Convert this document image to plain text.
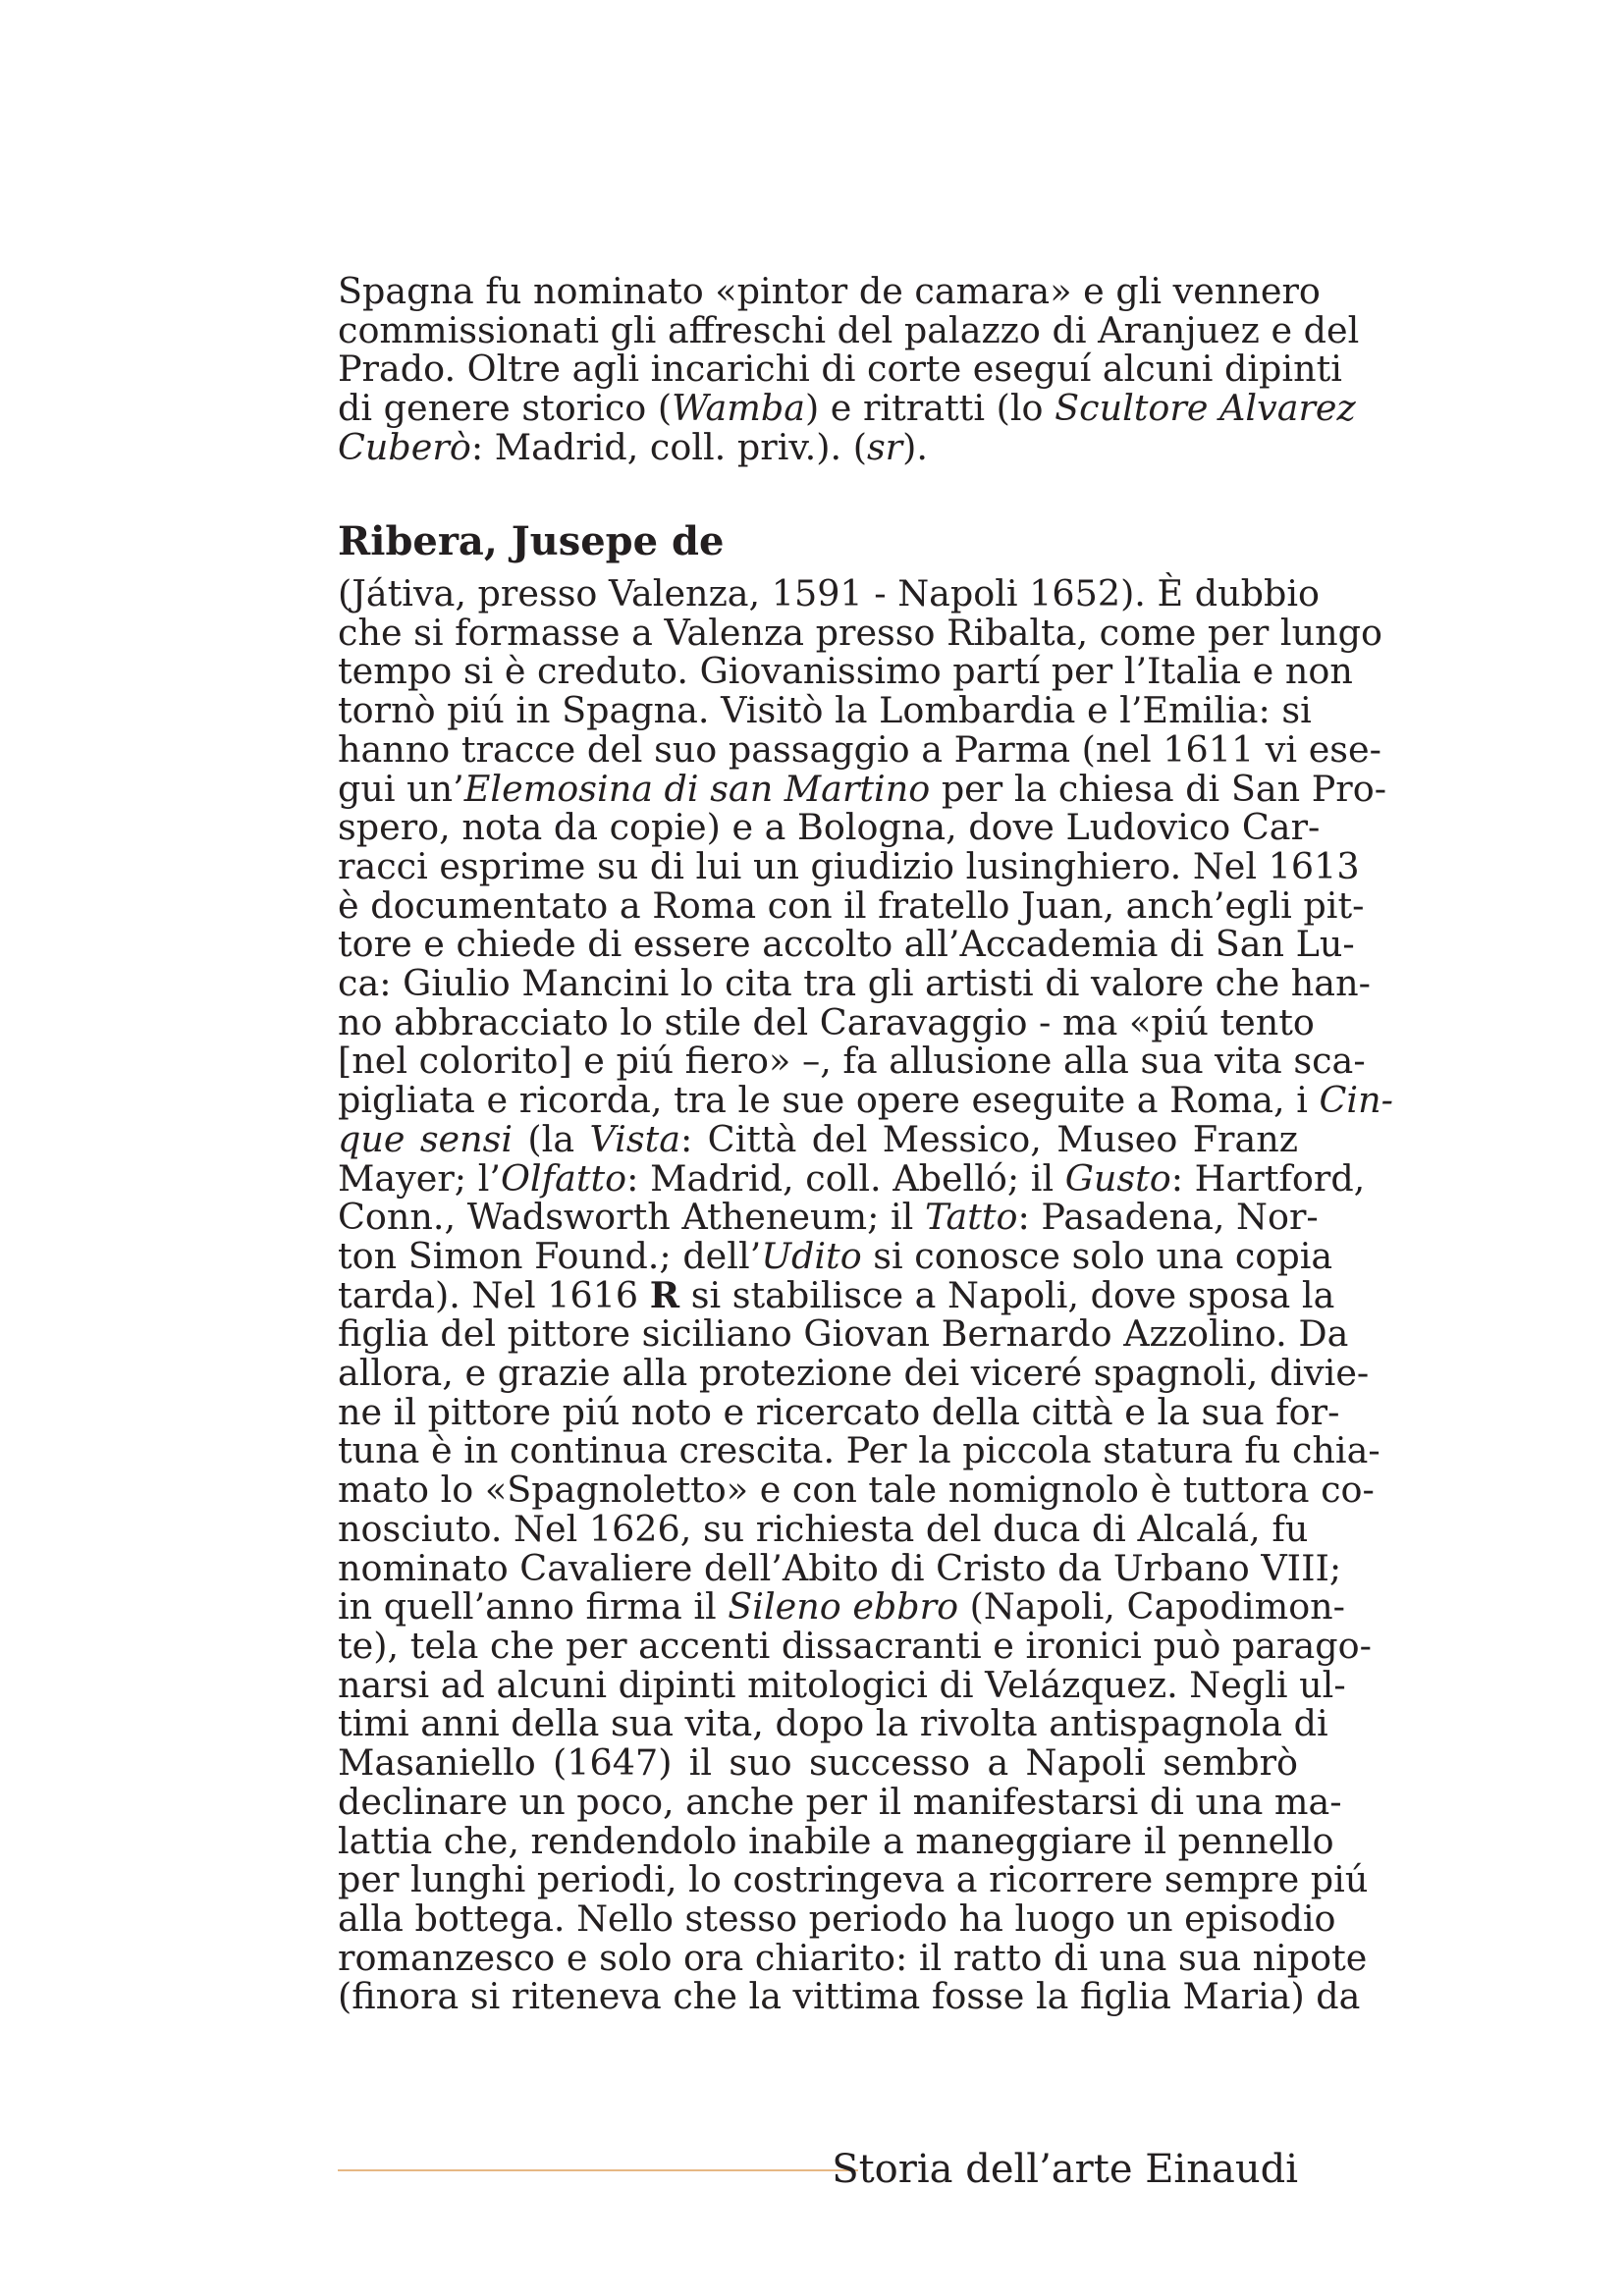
Spagna fu nominato «pintor de camara» e gli vennero
commissionati gli affreschi del palazzo di Aranjuez e del
Prado. Oltre agli incarichi di corte eseguí alcuni dipinti
di genere storico (Wamba) e ritratti (lo Scultore Alvarez
Cuberò: Madrid, coll. priv.). (sr).
Ribera, Jusepe de
(Játiva, presso Valenza, 1591 - Napoli 1652). È dubbio
che si formasse a Valenza presso Ribalta, come per lungo
tempo si è creduto. Giovanissimo partí per l’Italia e non
tornò piú in Spagna. Visitò la Lombardia e l’Emilia: si
hanno tracce del suo passaggio a Parma (nel 1611 vi ese-
gui un’Elemosina di san Martino per la chiesa di San Pro-
spero, nota da copie) e a Bologna, dove Ludovico Car-
racci esprime su di lui un giudizio lusinghiero. Nel 1613
è documentato a Roma con il fratello Juan, anch’egli pit-
tore e chiede di essere accolto all’Accademia di San Lu-
ca: Giulio Mancini lo cita tra gli artisti di valore che han-
no abbracciato lo stile del Caravaggio - ma «piú tento
[nel colorito] e piú fiero» –, fa allusione alla sua vita sca-
pigliata e ricorda, tra le sue opere eseguite a Roma, i Cin-
que sensi (la Vista: Città del Messico, Museo Franz
Mayer; l’Olfatto: Madrid, coll. Abelló; il Gusto: Hartford,
Conn., Wadsworth Atheneum; il Tatto: Pasadena, Nor-
ton Simon Found.; dell’Udito si conosce solo una copia
tarda). Nel 1616 R si stabilisce a Napoli, dove sposa la
figlia del pittore siciliano Giovan Bernardo Azzolino. Da
allora, e grazie alla protezione dei viceré spagnoli, divie-
ne il pittore piú noto e ricercato della città e la sua for-
tuna è in continua crescita. Per la piccola statura fu chia-
mato lo «Spagnoletto» e con tale nomignolo è tuttora co-
nosciuto. Nel 1626, su richiesta del duca di Alcalá, fu
nominato Cavaliere dell’Abito di Cristo da Urbano VIII;
in quell’anno firma il Sileno ebbro (Napoli, Capodimon-
te), tela che per accenti dissacranti e ironici può parago-
narsi ad alcuni dipinti mitologici di Velázquez. Negli ul-
timi anni della sua vita, dopo la rivolta antispagnola di
Masaniello (1647) il suo successo a Napoli sembrò
declinare un poco, anche per il manifestarsi di una ma-
lattia che, rendendolo inabile a maneggiare il pennello
per lunghi periodi, lo costringeva a ricorrere sempre piú
alla bottega. Nello stesso periodo ha luogo un episodio
romanzesco e solo ora chiarito: il ratto di una sua nipote
(finora si riteneva che la vittima fosse la figlia Maria) da
Storia dell’arte Einaudi
